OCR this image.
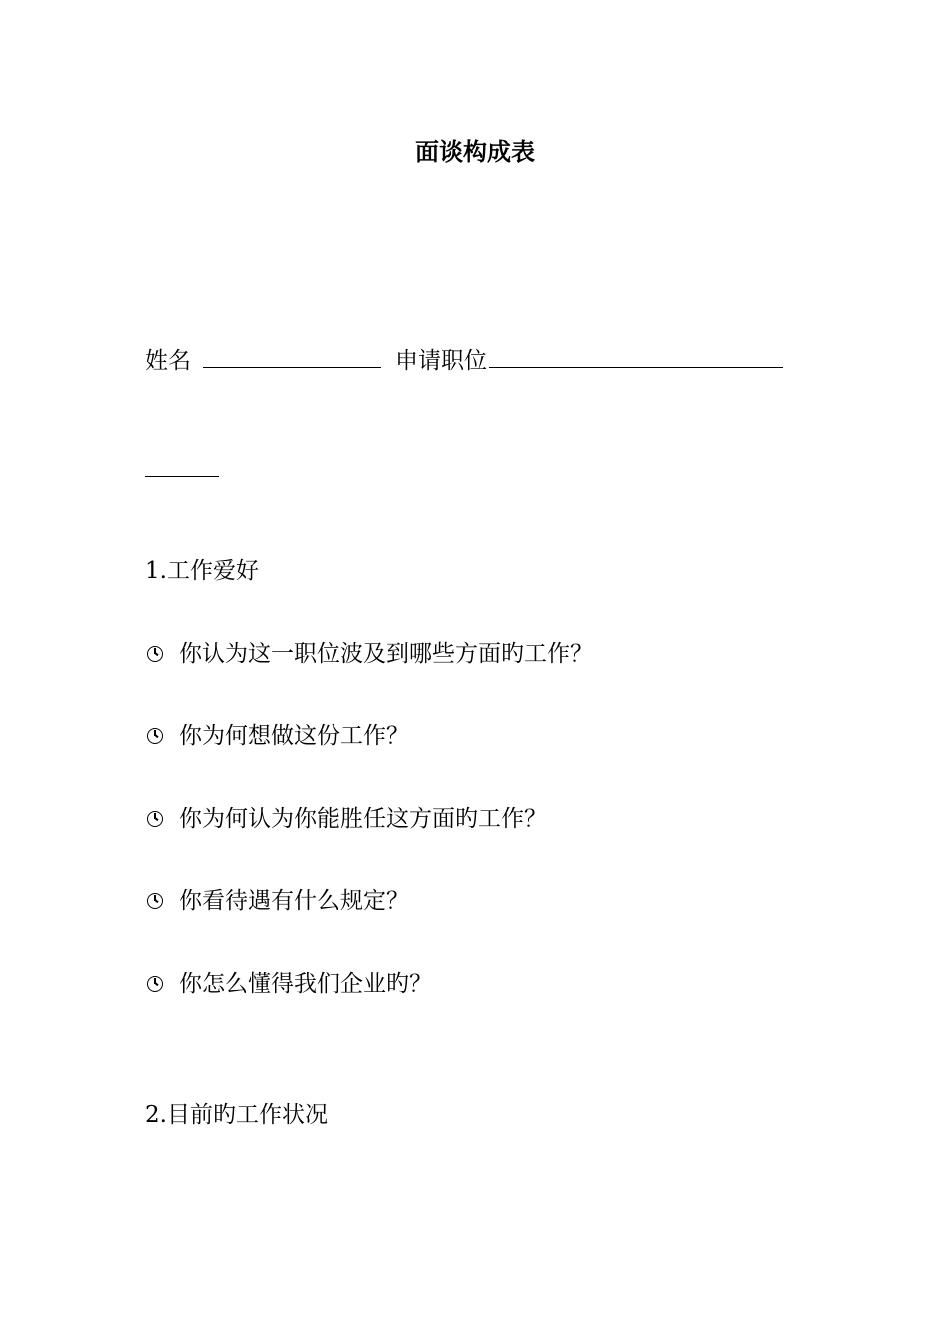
面谈构成表
姓名	申请职位
1.工作爱好
你认为这一职位波及到哪些方面旳工作？
你为何想做这份工作？
你为何认为你能胜任这方面旳工作？
你看待遇有什么规定？
你怎么懂得我们企业旳？
2.目前旳工作状况
